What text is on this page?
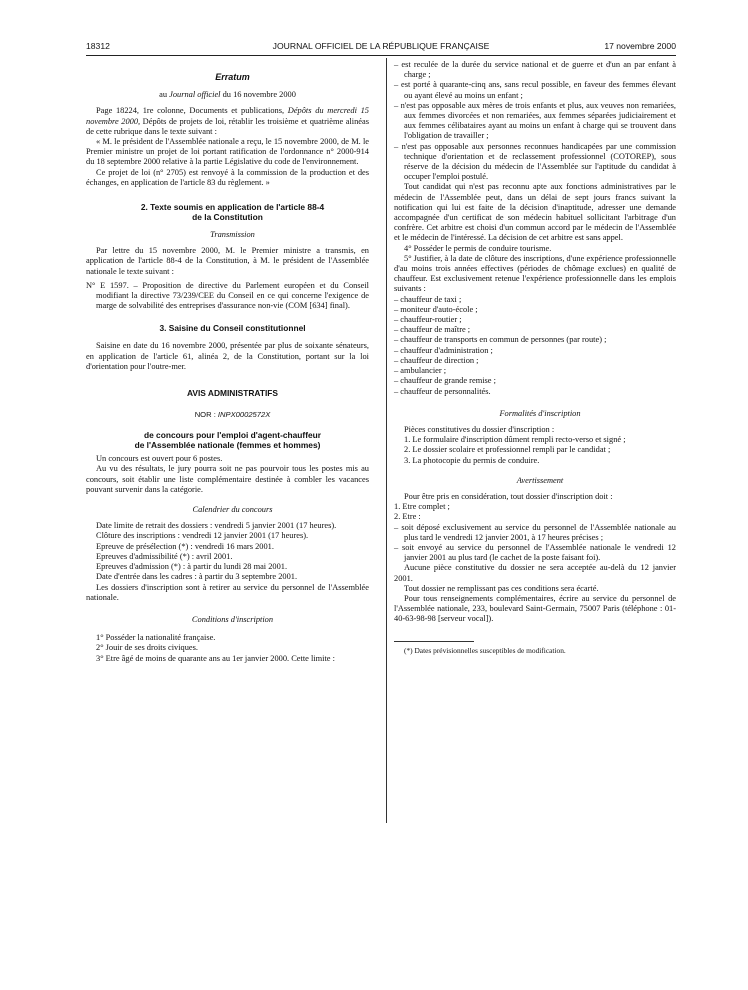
18312	JOURNAL OFFICIEL DE LA RÉPUBLIQUE FRANÇAISE	17 novembre 2000

Erratum

au Journal officiel du 16 novembre 2000

Page 18224, 1re colonne, Documents et publications, Dépôts du mercredi 15 novembre 2000, Dépôts de projets de loi, rétablir les troisième et quatrième alinéas de cette rubrique dans le texte suivant :

« M. le président de l'Assemblée nationale a reçu, le 15 novembre 2000, de M. le Premier ministre un projet de loi portant ratification de l'ordonnance n° 2000-914 du 18 septembre 2000 relative à la partie Législative du code de l'environnement.

Ce projet de loi (n° 2705) est renvoyé à la commission de la production et des échanges, en application de l'article 83 du règlement. »

2. Texte soumis en application de l'article 88-4
de la Constitution

Transmission

Par lettre du 15 novembre 2000, M. le Premier ministre a transmis, en application de l'article 88-4 de la Constitution, à M. le président de l'Assemblée nationale le texte suivant :

N° E 1597. – Proposition de directive du Parlement européen et du Conseil modifiant la directive 73/239/CEE du Conseil en ce qui concerne l'exigence de marge de solvabilité des entreprises d'assurance non-vie (COM [634] final).

3. Saisine du Conseil constitutionnel

Saisine en date du 16 novembre 2000, présentée par plus de soixante sénateurs, en application de l'article 61, alinéa 2, de la Constitution, portant sur la loi d'orientation pour l'outre-mer.

AVIS ADMINISTRATIFS

NOR : INPX0002572X

de concours pour l'emploi d'agent-chauffeur
de l'Assemblée nationale (femmes et hommes)

Un concours est ouvert pour 6 postes.

Au vu des résultats, le jury pourra soit ne pas pourvoir tous les postes mis au concours, soit établir une liste complémentaire destinée à combler les vacances pouvant survenir dans la catégorie.

Calendrier du concours

Date limite de retrait des dossiers : vendredi 5 janvier 2001 (17 heures).

Clôture des inscriptions : vendredi 12 janvier 2001 (17 heures).

Epreuve de présélection (*) : vendredi 16 mars 2001.

Epreuves d'admissibilité (*) : avril 2001.

Epreuves d'admission (*) : à partir du lundi 28 mai 2001.

Date d'entrée dans les cadres : à partir du 3 septembre 2001.

Les dossiers d'inscription sont à retirer au service du personnel de l'Assemblée nationale.

Conditions d'inscription

1° Posséder la nationalité française.

2° Jouir de ses droits civiques.

3° Etre âgé de moins de quarante ans au 1er janvier 2000. Cette limite :

– est reculée de la durée du service national et de guerre et d'un an par enfant à charge ;

– est porté à quarante-cinq ans, sans recul possible, en faveur des femmes élevant ou ayant élevé au moins un enfant ;

– n'est pas opposable aux mères de trois enfants et plus, aux veuves non remariées, aux femmes divorcées et non remariées, aux femmes séparées judiciairement et aux femmes célibataires ayant au moins un enfant à charge qui se trouvent dans l'obligation de travailler ;

– n'est pas opposable aux personnes reconnues handicapées par une commission technique d'orientation et de reclassement professionnel (COTOREP), sous réserve de la décision du médecin de l'Assemblée sur l'aptitude du candidat à occuper l'emploi postulé.

Tout candidat qui n'est pas reconnu apte aux fonctions administratives par le médecin de l'Assemblée peut, dans un délai de sept jours francs suivant la notification qui lui est faite de la décision d'inaptitude, adresser une demande accompagnée d'un certificat de son médecin habituel sollicitant l'arbitrage d'un confrère. Cet arbitre est choisi d'un commun accord par le médecin de l'Assemblée et le médecin de l'intéressé. La décision de cet arbitre est sans appel.

4° Posséder le permis de conduire tourisme.

5° Justifier, à la date de clôture des inscriptions, d'une expérience professionnelle d'au moins trois années effectives (périodes de chômage exclues) en qualité de chauffeur. Est exclusivement retenue l'expérience professionnelle dans les emplois suivants :

– chauffeur de taxi ;

– moniteur d'auto-école ;

– chauffeur-routier ;

– chauffeur de maître ;

– chauffeur de transports en commun de personnes (par route) ;

– chauffeur d'administration ;

– chauffeur de direction ;

– ambulancier ;

– chauffeur de grande remise ;

– chauffeur de personnalités.

Formalités d'inscription

Pièces constitutives du dossier d'inscription :

1. Le formulaire d'inscription dûment rempli recto-verso et signé ;

2. Le dossier scolaire et professionnel rempli par le candidat ;

3. La photocopie du permis de conduire.

Avertissement

Pour être pris en considération, tout dossier d'inscription doit :

1. Etre complet ;

2. Etre :

– soit déposé exclusivement au service du personnel de l'Assemblée nationale au plus tard le vendredi 12 janvier 2001, à 17 heures précises ;

– soit envoyé au service du personnel de l'Assemblée nationale le vendredi 12 janvier 2001 au plus tard (le cachet de la poste faisant foi).

Aucune pièce constitutive du dossier ne sera acceptée au-delà du 12 janvier 2001.

Tout dossier ne remplissant pas ces conditions sera écarté.

Pour tous renseignements complémentaires, écrire au service du personnel de l'Assemblée nationale, 233, boulevard Saint-Germain, 75007 Paris (téléphone : 01-40-63-98-98 [serveur vocal]).

(*) Dates prévisionnelles susceptibles de modification.
